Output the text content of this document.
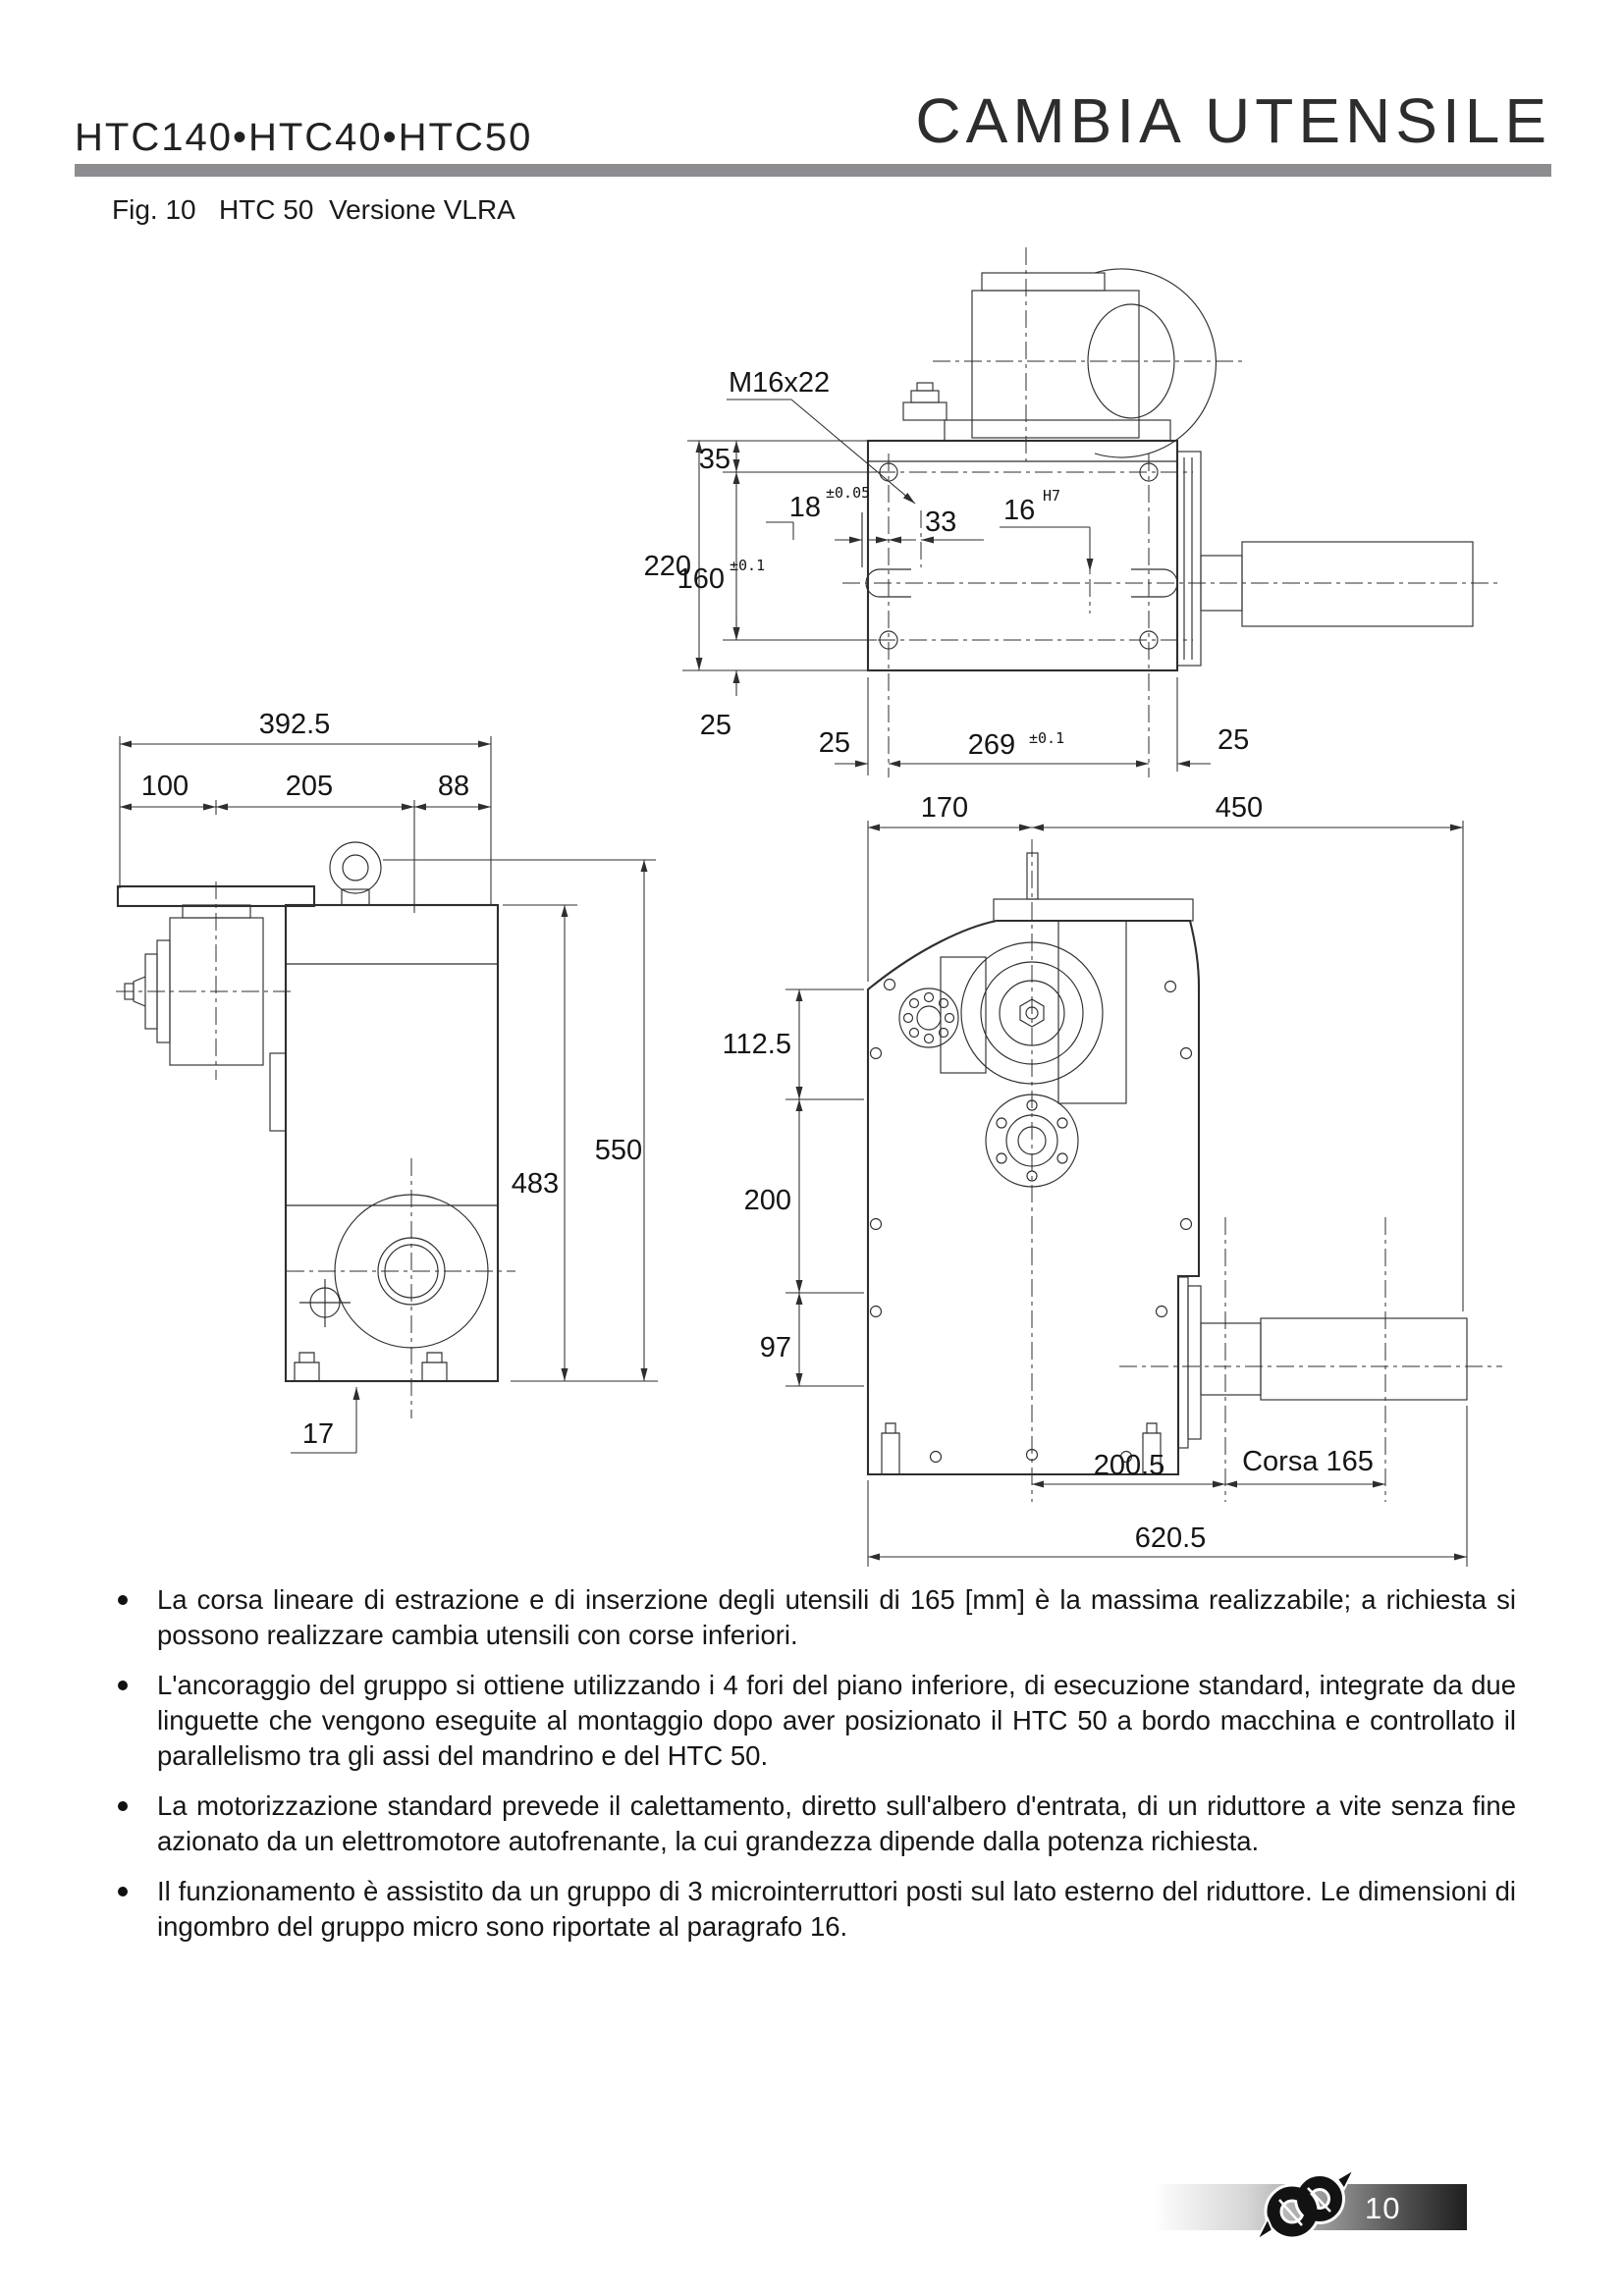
HTC140•HTC40•HTC50	CAMBIA UTENSILE
Fig. 10   HTC 50  Versione VLRA
220
35
160 ±0.1
25
18 ±0.05
33 16 H7
M16x22
25	269 ±0.1	25
392.5
100	205	88
550
483
17
170	450
112.5
200
97
200.5	Corsa 165
620.5
La corsa lineare di estrazione e di inserzione degli utensili di 165 [mm] è la massima realizzabile; a richiesta si possono realizzare cambia utensili con corse inferiori.
L'ancoraggio del gruppo si ottiene utilizzando i 4 fori del piano inferiore, di esecuzione standard, integrate da due linguette che vengono eseguite al montaggio dopo aver posizionato il HTC 50 a bordo macchina e controllato il parallelismo tra gli assi del mandrino e del HTC 50.
La motorizzazione standard prevede il calettamento, diretto sull'albero d'entrata, di un riduttore a vite senza fine azionato da un elettromotore autofrenante, la cui grandezza dipende dalla potenza richiesta.
Il funzionamento è assistito da un gruppo di 3 microinterruttori posti sul lato esterno del riduttore. Le dimensioni di ingombro del gruppo micro sono riportate al paragrafo 16.
10
